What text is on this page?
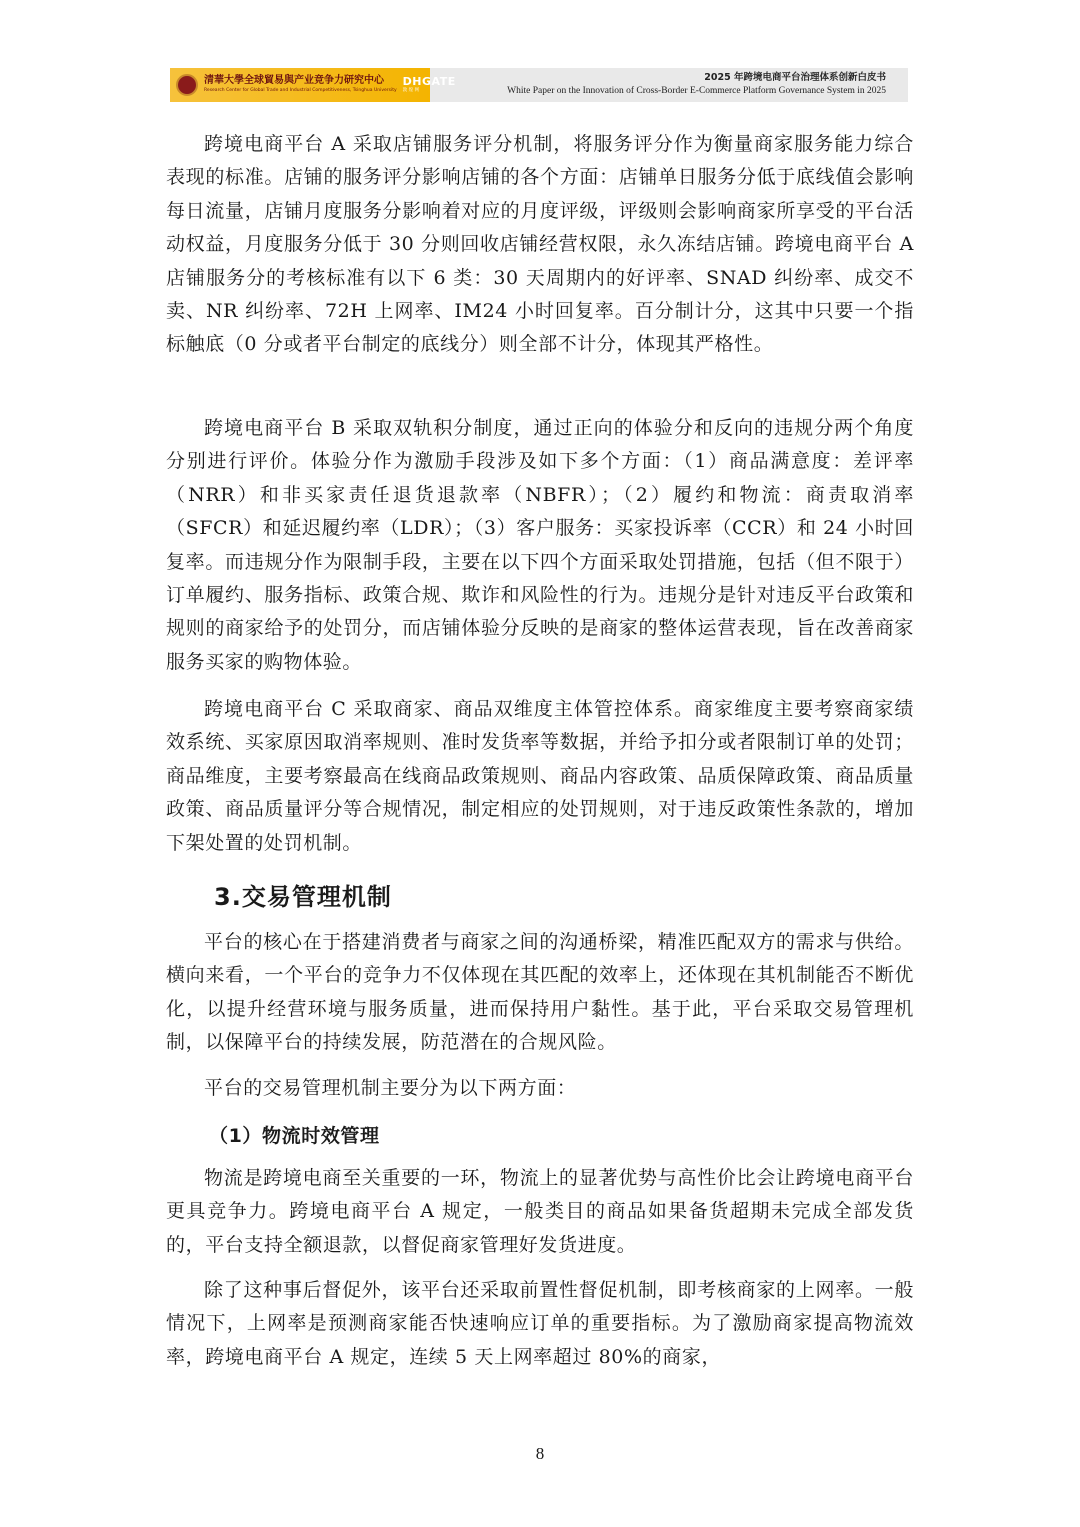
清華大學全球貿易與产业竞争力研究中心
Research Center for Global Trade and Industrial Competitiveness, Tsinghua University
DHGATE
敦 煌 网
2025 年跨境电商平台治理体系创新白皮书
White Paper on the Innovation of Cross-Border E-Commerce Platform Governance System in 2025

跨境电商平台 A 采取店铺服务评分机制，将服务评分作为衡量商家服务能力综合表现的标准。店铺的服务评分影响店铺的各个方面：店铺单日服务分低于底线值会影响每日流量，店铺月度服务分影响着对应的月度评级，评级则会影响商家所享受的平台活动权益，月度服务分低于 30 分则回收店铺经营权限，永久冻结店铺。跨境电商平台 A 店铺服务分的考核标准有以下 6 类：30 天周期内的好评率、SNAD 纠纷率、成交不卖、NR 纠纷率、72H 上网率、IM24 小时回复率。百分制计分，这其中只要一个指标触底（0 分或者平台制定的底线分）则全部不计分，体现其严格性。

跨境电商平台 B 采取双轨积分制度，通过正向的体验分和反向的违规分两个角度分别进行评价。体验分作为激励手段涉及如下多个方面：（1）商品满意度：差评率（NRR）和非买家责任退货退款率（NBFR）；（2）履约和物流：商责取消率（SFCR）和延迟履约率（LDR）；（3）客户服务：买家投诉率（CCR）和 24 小时回复率。而违规分作为限制手段，主要在以下四个方面采取处罚措施，包括（但不限于）订单履约、服务指标、政策合规、欺诈和风险性的行为。违规分是针对违反平台政策和规则的商家给予的处罚分，而店铺体验分反映的是商家的整体运营表现，旨在改善商家服务买家的购物体验。

跨境电商平台 C 采取商家、商品双维度主体管控体系。商家维度主要考察商家绩效系统、买家原因取消率规则、准时发货率等数据，并给予扣分或者限制订单的处罚；商品维度，主要考察最高在线商品政策规则、商品内容政策、品质保障政策、商品质量政策、商品质量评分等合规情况，制定相应的处罚规则，对于违反政策性条款的，增加下架处置的处罚机制。

3.交易管理机制

平台的核心在于搭建消费者与商家之间的沟通桥梁，精准匹配双方的需求与供给。横向来看，一个平台的竞争力不仅体现在其匹配的效率上，还体现在其机制能否不断优化，以提升经营环境与服务质量，进而保持用户黏性。基于此，平台采取交易管理机制，以保障平台的持续发展，防范潜在的合规风险。

平台的交易管理机制主要分为以下两方面：

（1）物流时效管理

物流是跨境电商至关重要的一环，物流上的显著优势与高性价比会让跨境电商平台更具竞争力。跨境电商平台 A 规定，一般类目的商品如果备货超期未完成全部发货的，平台支持全额退款，以督促商家管理好发货进度。

除了这种事后督促外，该平台还采取前置性督促机制，即考核商家的上网率。一般情况下，上网率是预测商家能否快速响应订单的重要指标。为了激励商家提高物流效率，跨境电商平台 A 规定，连续 5 天上网率超过 80%的商家，

8
